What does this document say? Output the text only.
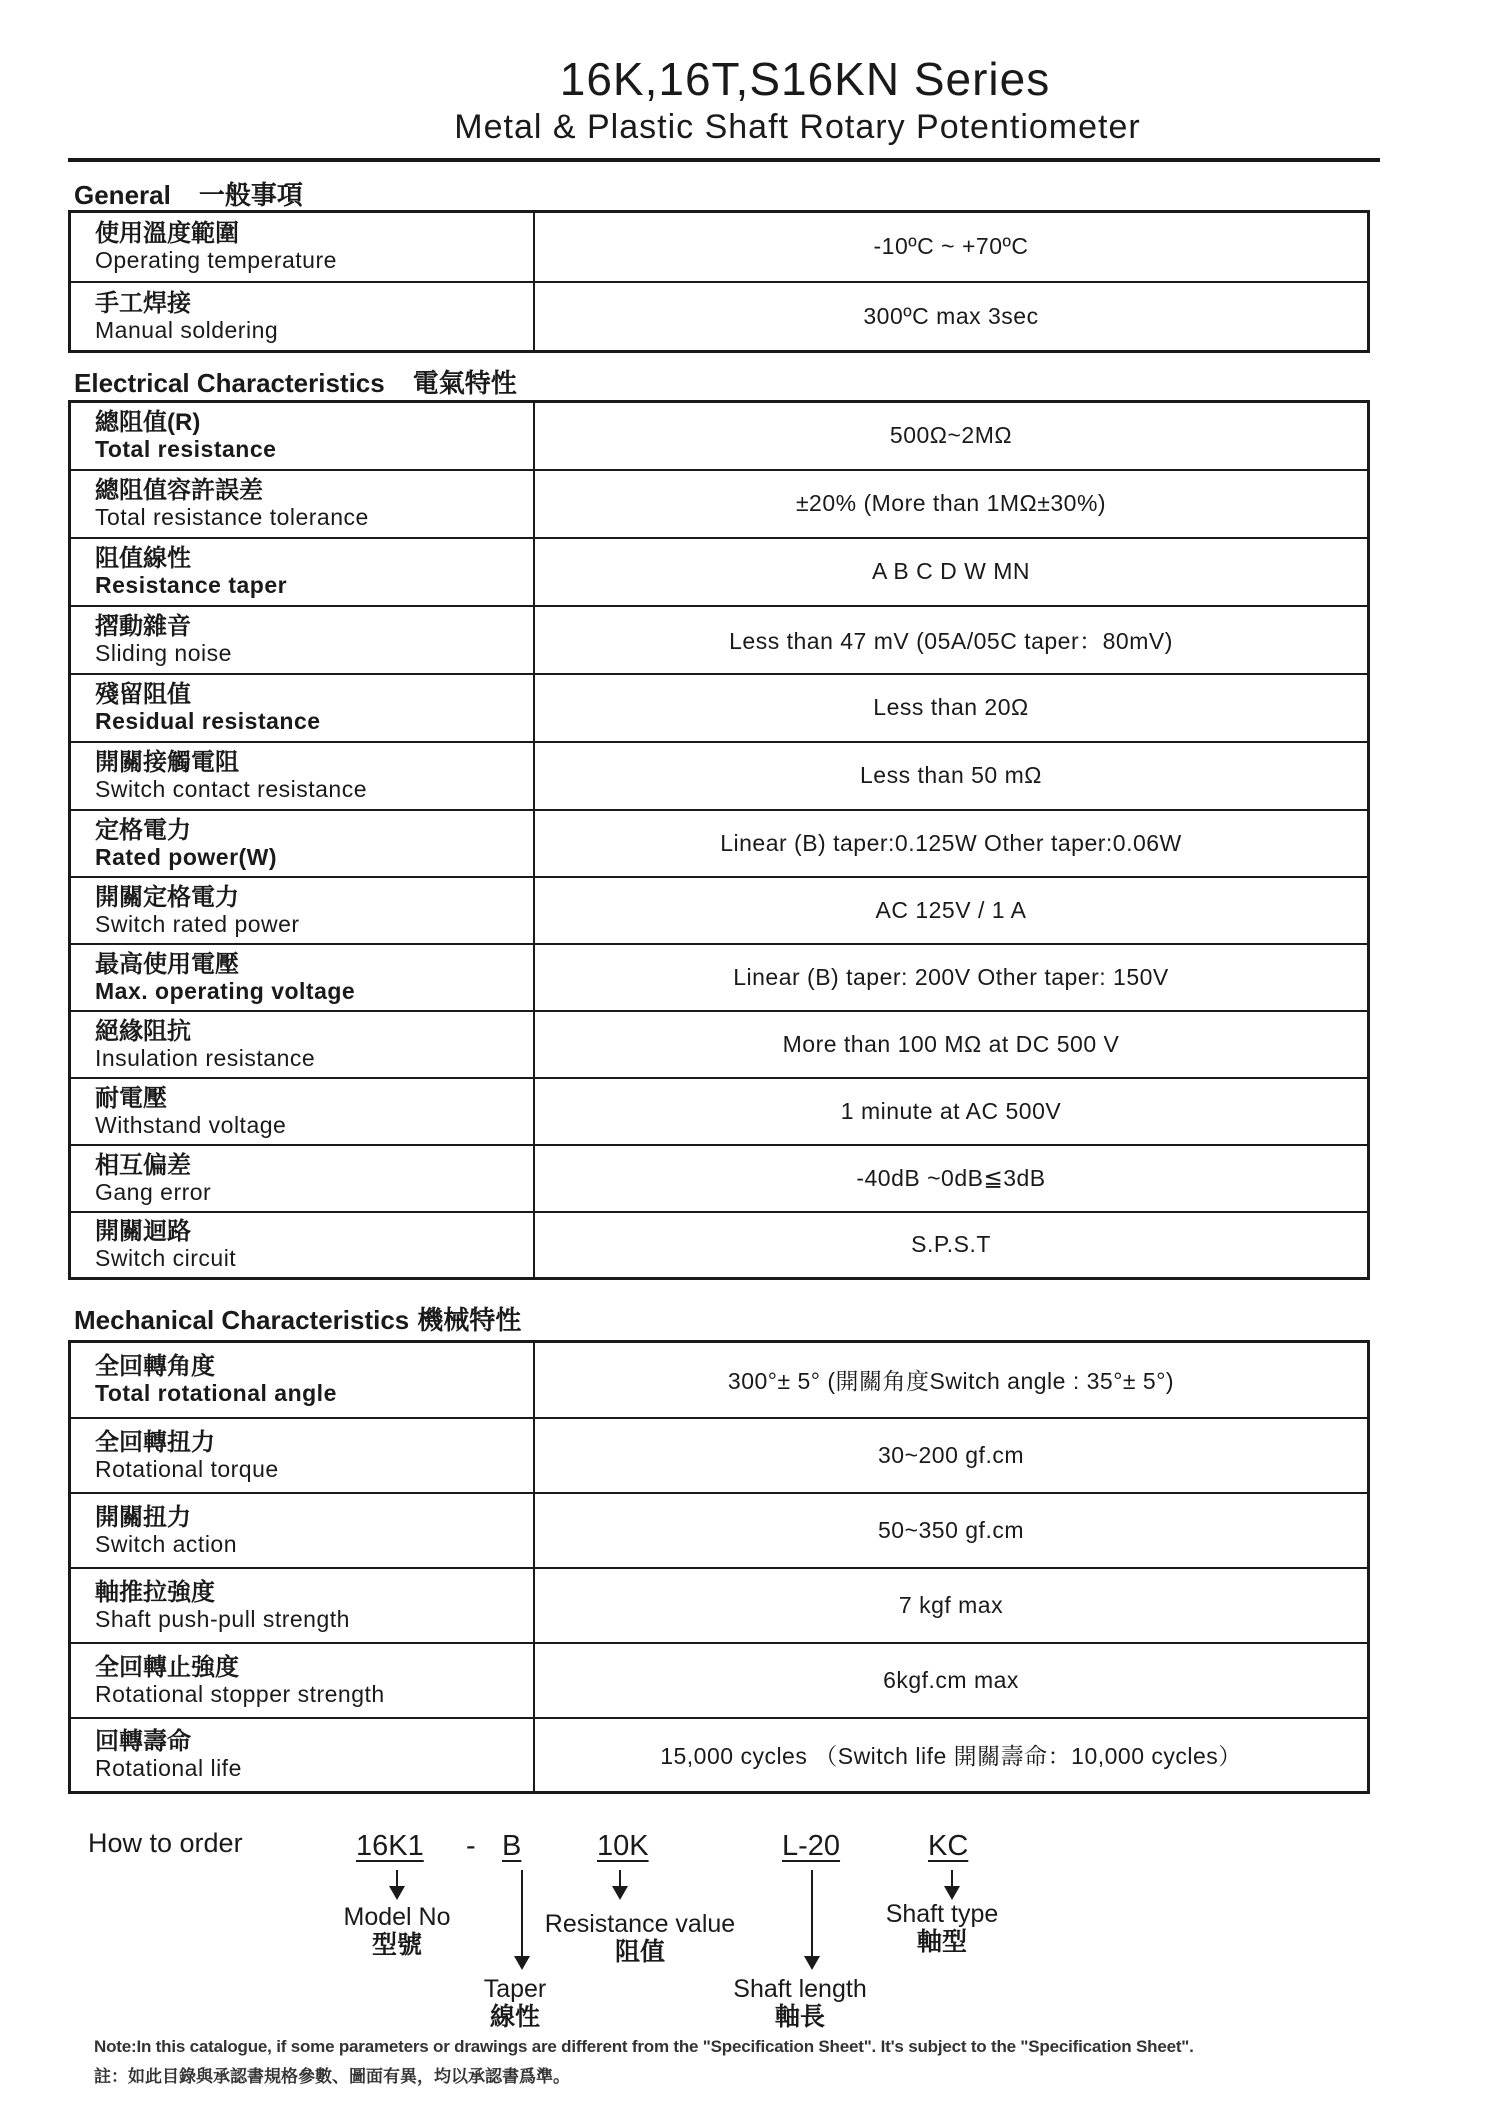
16K,16T,S16KN Series
Metal & Plastic Shaft Rotary Potentiometer
General 一般事項
使用溫度範圍
Operating temperature	-10ºC ~ +70ºC

手工焊接
Manual soldering	300ºC max 3sec
Electrical Characteristics 電氣特性
總阻值(R)
Total resistance	500Ω~2MΩ

總阻值容許誤差
Total resistance tolerance	±20% (More than 1MΩ±30%)

阻值線性
Resistance taper	A B C D W MN

摺動雜音
Sliding noise	Less than 47 mV (05A/05C taper：80mV)

殘留阻值
Residual resistance	Less than 20Ω

開關接觸電阻
Switch contact resistance	Less than 50 mΩ

定格電力
Rated power(W)	Linear (B) taper:0.125W Other taper:0.06W

開關定格電力
Switch rated power	AC 125V / 1 A

最高使用電壓
Max. operating voltage	Linear (B) taper: 200V Other taper: 150V

絕緣阻抗
Insulation resistance	More than 100 MΩ at DC 500 V

耐電壓
Withstand voltage	1 minute at AC 500V

相互偏差
Gang error	-40dB ~0dB≦3dB

開關迴路
Switch circuit	S.P.S.T
Mechanical Characteristics 機械特性
全回轉角度
Total rotational angle	300°± 5° (開關角度Switch angle : 35°± 5°)

全回轉扭力
Rotational torque	30~200 gf.cm

開關扭力
Switch action	50~350 gf.cm

軸推拉強度
Shaft push-pull strength	7 kgf max

全回轉止強度
Rotational stopper strength	6kgf.cm max

回轉壽命
Rotational life	15,000 cycles （Switch life 開關壽命：10,000 cycles）
How to order	16K1 - B	10K	L-20	KC
Model No
型號
Taper
線性
Resistance value
阻值
Shaft length
軸長
Shaft type
軸型
Note:In this catalogue, if some parameters or drawings are different from the "Specification Sheet". It's subject to the "Specification Sheet".
註：如此目錄與承認書規格參數、圖面有異，均以承認書爲準。
